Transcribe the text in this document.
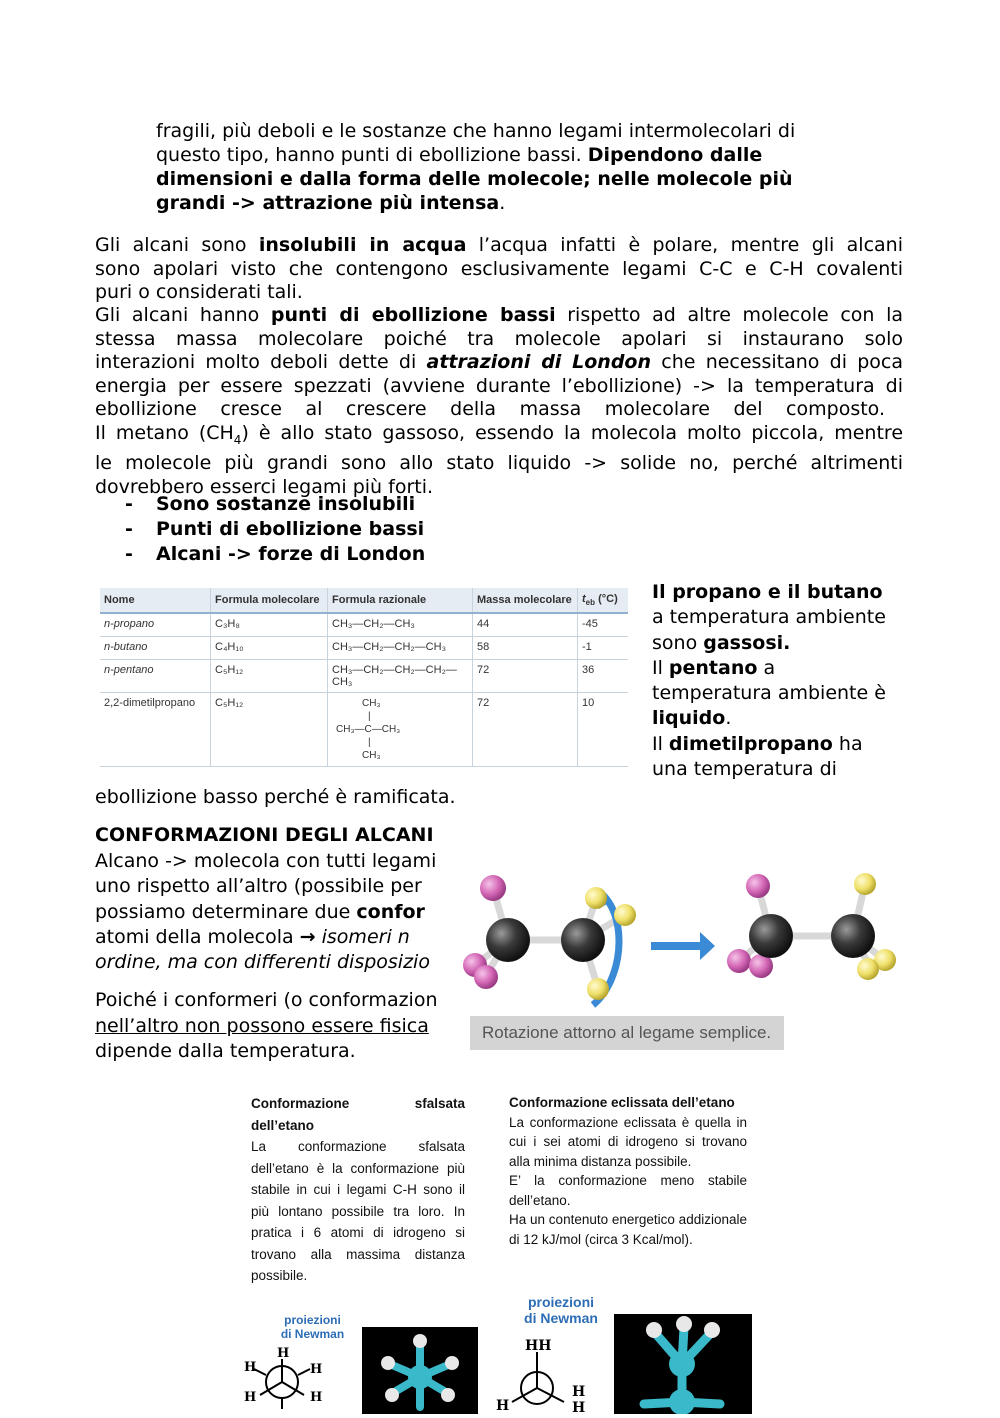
fragili, più deboli e le sostanze che hanno legami intermolecolari di
questo tipo, hanno punti di ebollizione bassi. Dipendono dalle
dimensioni e dalla forma delle molecole; nelle molecole più
grandi -> attrazione più intensa.
Gli alcani sono insolubili in acqua l’acqua infatti è polare, mentre gli alcani
sono apolari visto che contengono esclusivamente legami C-C e C-H covalenti
puri o considerati tali.
Gli alcani hanno punti di ebollizione bassi rispetto ad altre molecole con la
stessa massa molecolare poiché tra molecole apolari si instaurano solo
interazioni molto deboli dette di attrazioni di London che necessitano di poca
energia per essere spezzati (avviene durante l’ebollizione) -> la temperatura di
ebollizione cresce al crescere della massa molecolare del composto.
Il metano $(CH_4)$ è allo stato gassoso, essendo la molecola molto piccola, mentre
le molecole più grandi sono allo stato liquido -> solide no, perché altrimenti
dovrebbero esserci legami più forti.
- Sono sostanze insolubili
- Punti di ebollizione bassi
- Alcani -> forze di London
Nome	Formula molecolare	Formula razionale	Massa molecolare	$t_{eb}$ (°C)
n-propano	C₃H₈	CH₃—CH₂—CH₃	44	-45
n-butano	C₄H₁₀	CH₃—CH₂—CH₂—CH₃	58	-1
n-pentano	C₅H₁₂	CH₃—CH₂—CH₂—CH₂—CH₃	72	36
2,2-dimetilpropano	C₅H₁₂	CH₃
|
CH₃—C—CH₃
|
CH₃	72	10
Il propano e il butano
a temperatura ambiente
sono gassosi.
Il pentano a
temperatura ambiente è
liquido.
Il dimetilpropano ha
una temperatura di
ebollizione basso perché è ramificata.
CONFORMAZIONI DEGLI ALCANI
Alcano -> molecola con tutti legami
uno rispetto all’altro (possibile per
possiamo determinare due confor
atomi della molecola → isomeri n
ordine, ma con differenti disposizio
Poiché i conformeri (o conformazion
nell’altro non possono essere fisica
dipende dalla temperatura.
Rotazione attorno al legame semplice.
Conformazione sfalsata dell’etano
La conformazione sfalsata dell’etano è la conformazione più stabile in cui i legami C-H sono il più lontano possibile tra loro. In pratica i 6 atomi di idrogeno si trovano alla massima distanza possibile.
Conformazione eclissata dell’etano
La conformazione eclissata è quella in cui i sei atomi di idrogeno si trovano alla minima distanza possibile.
E’ la conformazione meno stabile dell’etano.
Ha un contenuto energetico addizionale di 12 kJ/mol (circa 3 Kcal/mol).
proiezioni
di Newman
proiezioni
di Newman
H
H	H
H	H
HH
H
H
H
